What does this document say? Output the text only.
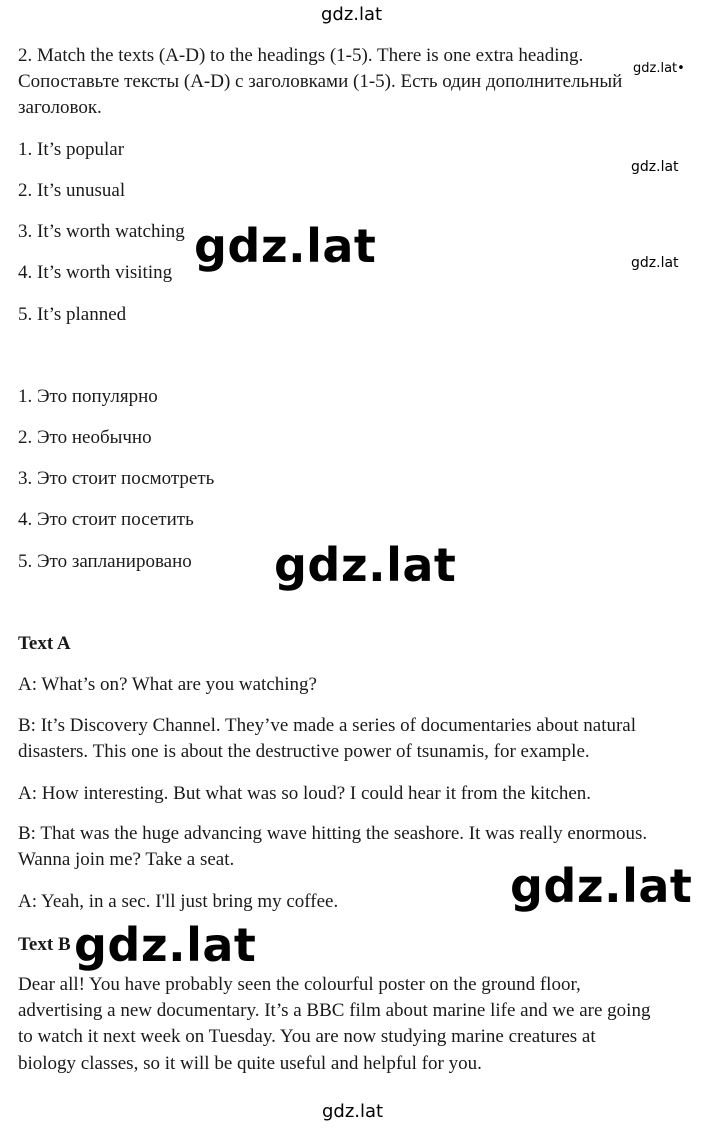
gdz.lat
gdz.lat•
gdz.lat
gdz.lat
2. Match the texts (A-D) to the headings (1-5). There is one extra heading.
Сопоставьте тексты (A-D) с заголовками (1-5). Есть один дополнительный
заголовок.
1. It’s popular
2. It’s unusual
3. It’s worth watching
4. It’s worth visiting
5. It’s planned
gdz.lat
1. Это популярно
2. Это необычно
3. Это стоит посмотреть
4. Это стоит посетить
5. Это запланировано gdz.lat
Text A
A: What’s on? What are you watching?
B: It’s Discovery Channel. They’ve made a series of documentaries about natural
disasters. This one is about the destructive power of tsunamis, for example.
A: How interesting. But what was so loud? I could hear it from the kitchen.
B: That was the huge advancing wave hitting the seashore. It was really enormous.
Wanna join me? Take a seat.
A: Yeah, in a sec. I'll just bring my coffee.	gdz.lat
Text B gdz.lat
Dear all! You have probably seen the colourful poster on the ground floor,
advertising a new documentary. It’s a BBC film about marine life and we are going
to watch it next week on Tuesday. You are now studying marine creatures at
biology classes, so it will be quite useful and helpful for you.
gdz.lat
